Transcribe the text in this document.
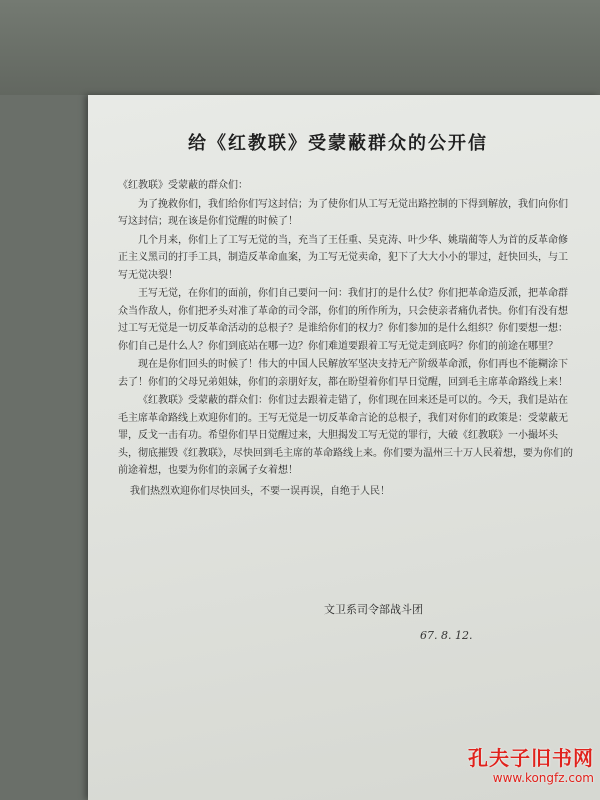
给《红教联》受蒙蔽群众的公开信

《红教联》受蒙蔽的群众们：

为了挽救你们，我们给你们写这封信；为了使你们从工写无觉出路控制的下得到解放，我们向你们写这封信；现在该是你们觉醒的时候了！

几个月来，你们上了工写无觉的当，充当了王任重、吴克涛、叶少华、姚瑞蔺等人为首的反革命修正主义黑司的打手工具，制造反革命血案，为工写无觉卖命，犯下了大大小小的罪过，赶快回头，与工写无觉决裂！

王写无觉，在你们的面前，你们自己要问一问：我们打的是什么仗？你们把革命造反派，把革命群众当作敌人，你们把矛头对准了革命的司令部，你们的所作所为，只会使亲者痛仇者快。你们有没有想过工写无觉是一切反革命活动的总根子？是谁给你们的权力？你们参加的是什么组织？你们要想一想：你们自己是什么人？你们到底站在哪一边？你们难道要跟着工写无觉走到底吗？你们的前途在哪里？

现在是你们回头的时候了！伟大的中国人民解放军坚决支持无产阶级革命派，你们再也不能糊涂下去了！你们的父母兄弟姐妹，你们的亲朋好友，都在盼望着你们早日觉醒，回到毛主席革命路线上来！

《红教联》受蒙蔽的群众们：你们过去跟着走错了，你们现在回来还是可以的。今天，我们是站在毛主席革命路线上欢迎你们的。王写无觉是一切反革命言论的总根子，我们对你们的政策是：受蒙蔽无罪，反戈一击有功。希望你们早日觉醒过来，大胆揭发工写无觉的罪行，大破《红教联》一小撮坏头头，彻底摧毁《红教联》，尽快回到毛主席的革命路线上来。你们要为温州三十万人民着想，要为你们的前途着想，也要为你们的亲属子女着想！

我们热烈欢迎你们尽快回头，不要一误再误，自绝于人民！

文卫系司令部战斗团
67. 8. 12.
孔夫子旧书网
www.kongfz.com
